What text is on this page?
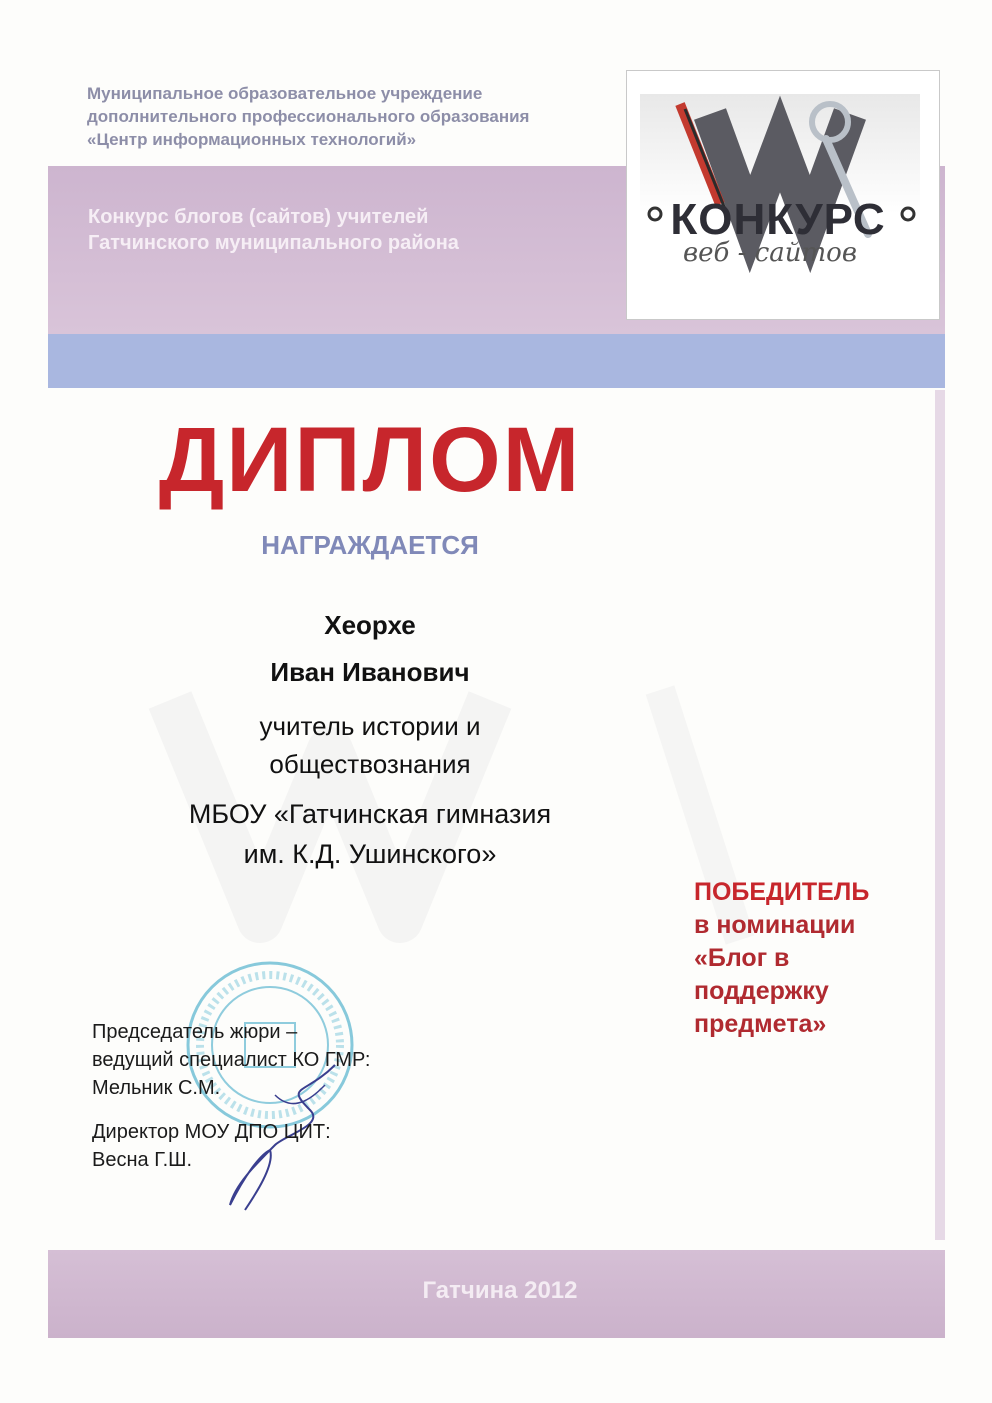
Муниципальное образовательное учреждение
дополнительного профессионального образования
«Центр информационных технологий»
Конкурс блогов (сайтов) учителей
Гатчинского муниципального района	КОНКУРС
веб - сайтов
ДИПЛОМ
НАГРАЖДАЕТСЯ
Хеорхе
Иван Иванович
учитель истории и
обществознания
МБОУ «Гатчинская гимназия
им. К.Д. Ушинского»
ПОБЕДИТЕЛЬ
в номинации
«Блог в
поддержку
предмета»
Председатель жюри –
ведущий специалист КО ГМР:
Мельник С.М.
Директор МОУ ДПО ЦИТ:
Весна Г.Ш.
Гатчина 2012
